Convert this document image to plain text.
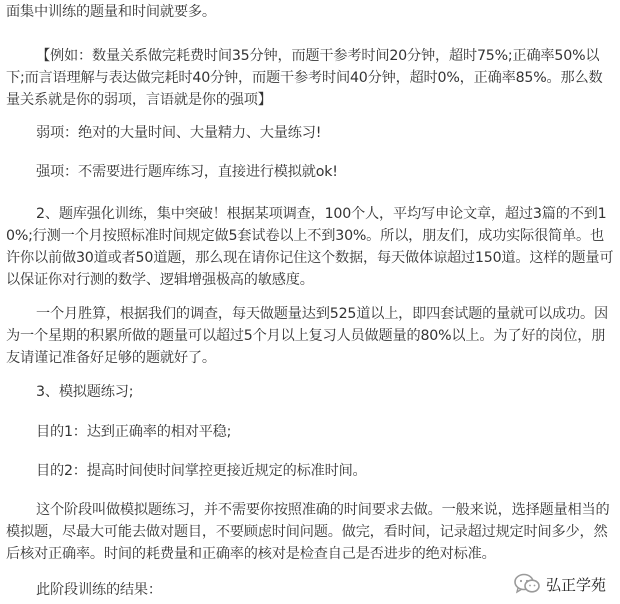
面集中训练的题量和时间就要多。

【例如：数量关系做完耗费时间35分钟，而题干参考时间20分钟，超时75%;正确率50%以下;而言语理解与表达做完耗时40分钟，而题干参考时间40分钟，超时0%，正确率85%。那么数量关系就是你的弱项，言语就是你的强项】

弱项：绝对的大量时间、大量精力、大量练习!

强项：不需要进行题库练习，直接进行模拟就ok!

2、题库强化训练，集中突破！根据某项调查，100个人，平均写申论文章，超过3篇的不到10%;行测一个月按照标准时间规定做5套试卷以上不到30%。所以，朋友们，成功实际很简单。也许你以前做30道或者50道题，那么现在请你记住这个数据，每天做体谅超过150道。这样的题量可以保证你对行测的数学、逻辑增强极高的敏感度。

一个月胜算，根据我们的调查，每天做题量达到525道以上，即四套试题的量就可以成功。因为一个星期的积累所做的题量可以超过5个月以上复习人员做题量的80%以上。为了好的岗位，朋友请谨记准备好足够的题就好了。

3、模拟题练习;

目的1：达到正确率的相对平稳;

目的2：提高时间使时间掌控更接近规定的标准时间。

这个阶段叫做模拟题练习，并不需要你按照准确的时间要求去做。一般来说，选择题量相当的模拟题，尽最大可能去做对题目，不要顾虑时间问题。做完，看时间，记录超过规定时间多少，然后核对正确率。时间的耗费量和正确率的核对是检查自己是否进步的绝对标准。

此阶段训练的结果：	弘正学苑
